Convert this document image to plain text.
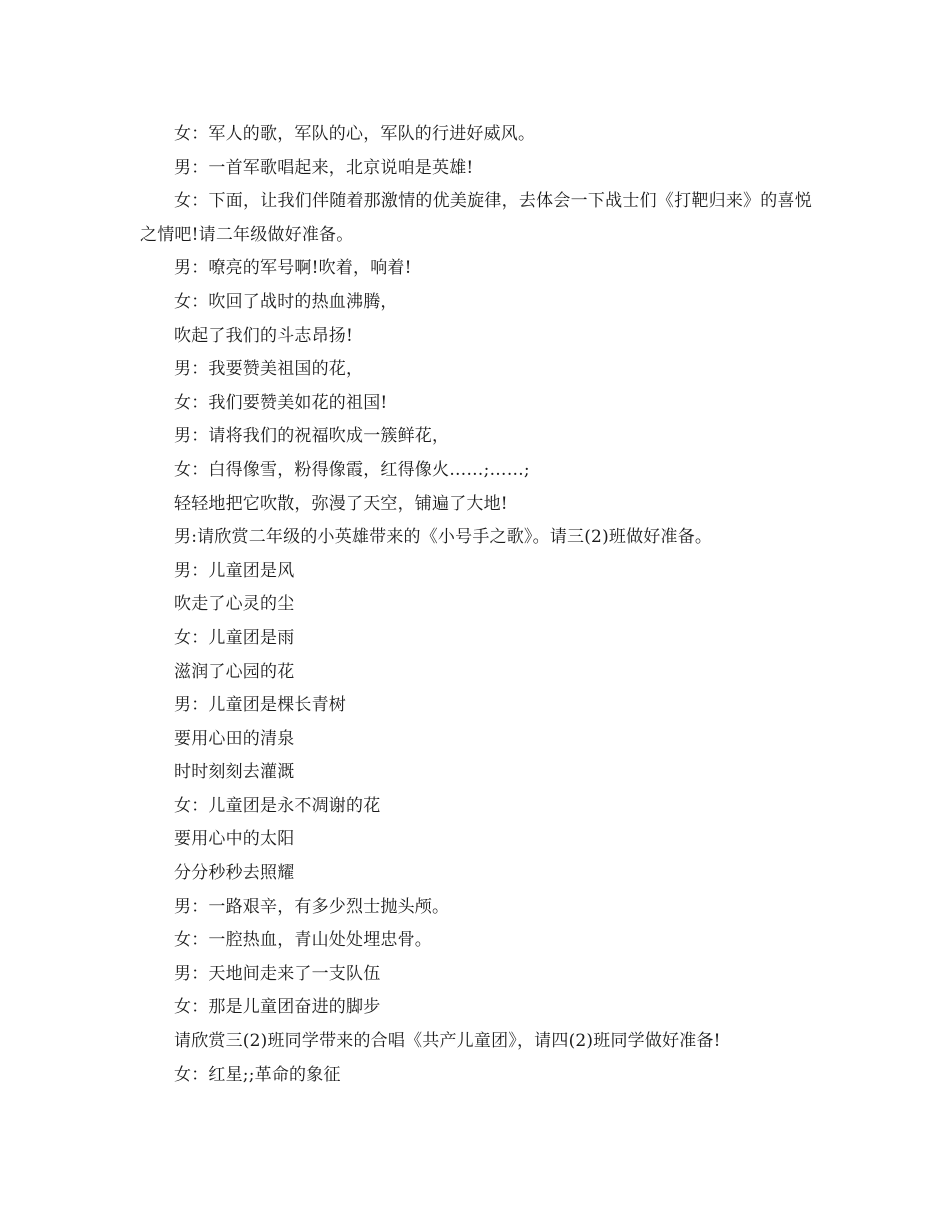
女：军人的歌，军队的心，军队的行进好威风。
男：一首军歌唱起来，北京说咱是英雄!
女：下面，让我们伴随着那激情的优美旋律，去体会一下战士们《打靶归来》的喜悦之情吧!请二年级做好准备。
男：嘹亮的军号啊!吹着，响着!
女：吹回了战时的热血沸腾，
吹起了我们的斗志昂扬!
男：我要赞美祖国的花，
女：我们要赞美如花的祖国!
男：请将我们的祝福吹成一簇鲜花，
女：白得像雪，粉得像霞，红得像火……;……;
轻轻地把它吹散，弥漫了天空，铺遍了大地!
男:请欣赏二年级的小英雄带来的《小号手之歌》。请三(2)班做好准备。
男：儿童团是风
吹走了心灵的尘
女：儿童团是雨
滋润了心园的花
男：儿童团是棵长青树
要用心田的清泉
时时刻刻去灌溉
女：儿童团是永不凋谢的花
要用心中的太阳
分分秒秒去照耀
男：一路艰辛，有多少烈士抛头颅。
女：一腔热血，青山处处埋忠骨。
男：天地间走来了一支队伍
女：那是儿童团奋进的脚步
请欣赏三(2)班同学带来的合唱《共产儿童团》，请四(2)班同学做好准备!
女：红星;;革命的象征
